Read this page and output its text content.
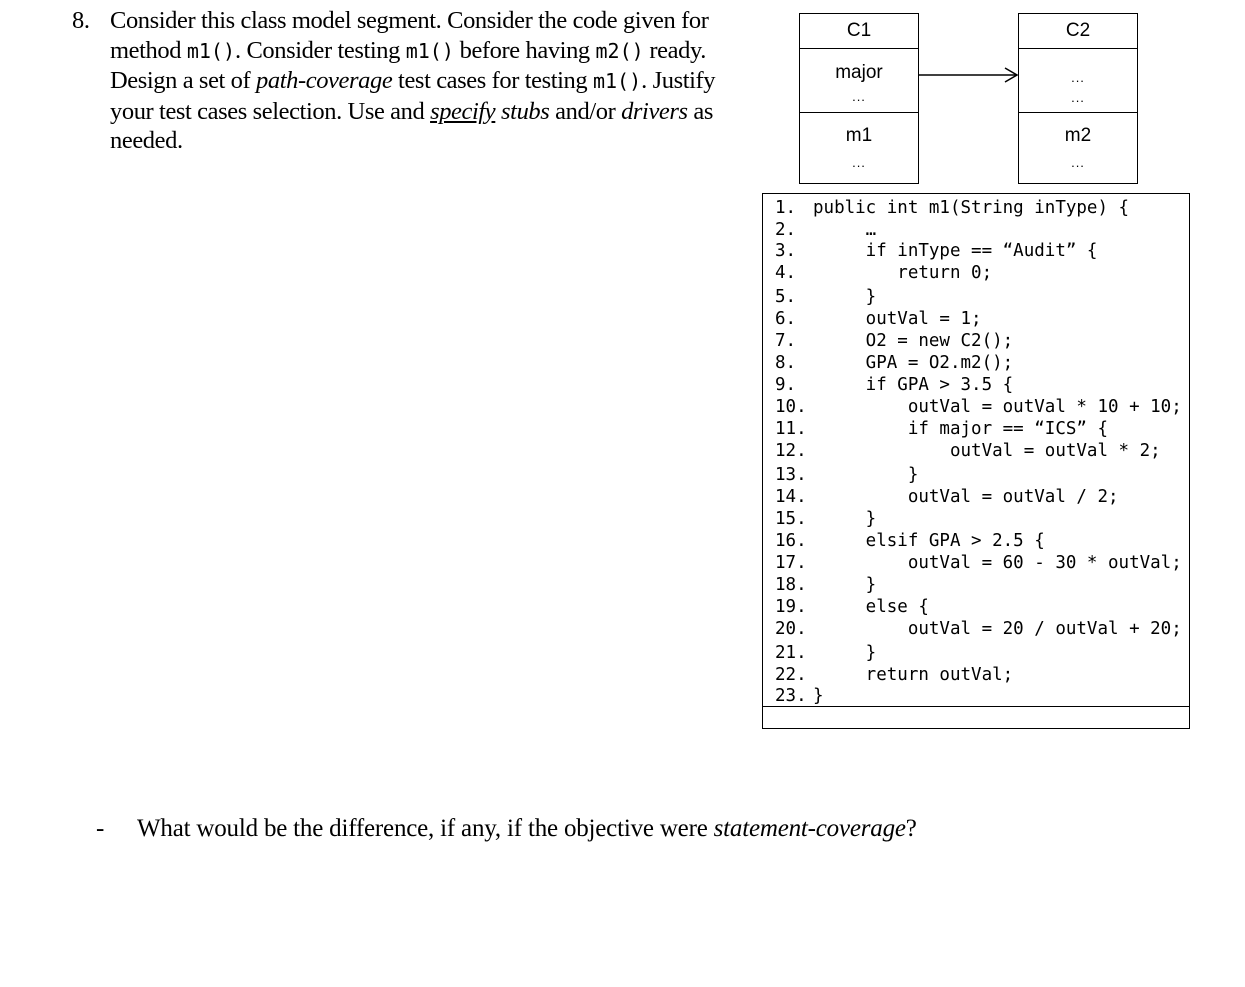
8. Consider this class model segment. Consider the code given for method m1(). Consider testing m1() before having m2() ready. Design a set of path-coverage test cases for testing m1(). Justify your test cases selection. Use and specify stubs and/or drivers as needed.
C1
major
...
m1
...
C2
...
...
m2
...
1. public int m1(String inType) {
2.     …
3.     if inType == “Audit” {
4.        return 0;
5.     }
6.     outVal = 1;
7.     O2 = new C2();
8.     GPA = O2.m2();
9.     if GPA > 3.5 {
10.         outVal = outVal * 10 + 10;
11.         if major == “ICS” {
12.             outVal = outVal * 2;
13.         }
14.         outVal = outVal / 2;
15.     }
16.     elsif GPA > 2.5 {
17.         outVal = 60 - 30 * outVal;
18.     }
19.     else {
20.         outVal = 20 / outVal + 20;
21.     }
22.     return outVal;
23. }
- What would be the difference, if any, if the objective were statement-coverage?
